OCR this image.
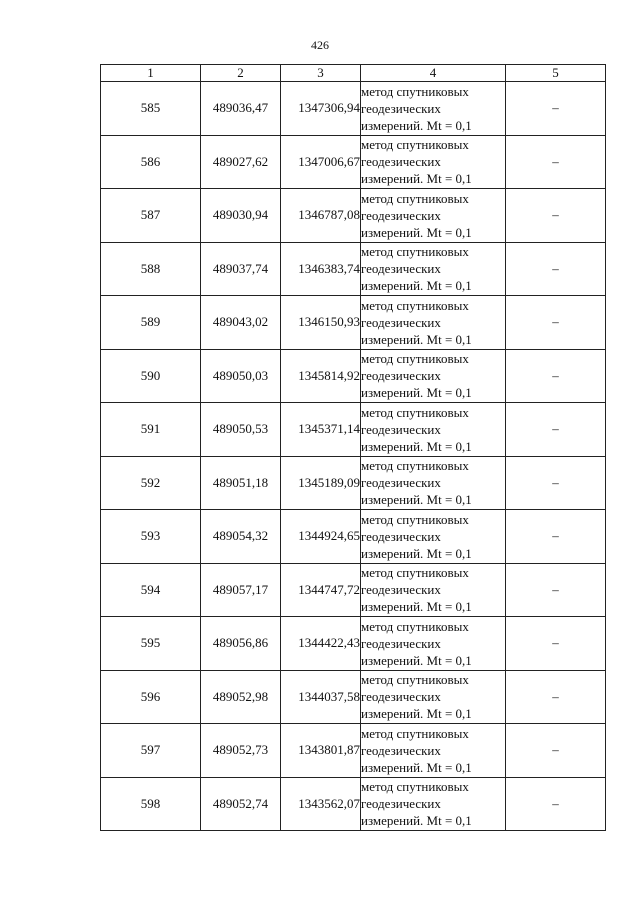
426
1	2	3	4	5
585	489036,47	1347306,94	метод спутниковых
геодезических
измерений. Mt = 0,1	–
586	489027,62	1347006,67	метод спутниковых
геодезических
измерений. Mt = 0,1	–
587	489030,94	1346787,08	метод спутниковых
геодезических
измерений. Mt = 0,1	–
588	489037,74	1346383,74	метод спутниковых
геодезических
измерений. Mt = 0,1	–
589	489043,02	1346150,93	метод спутниковых
геодезических
измерений. Mt = 0,1	–
590	489050,03	1345814,92	метод спутниковых
геодезических
измерений. Mt = 0,1	–
591	489050,53	1345371,14	метод спутниковых
геодезических
измерений. Mt = 0,1	–
592	489051,18	1345189,09	метод спутниковых
геодезических
измерений. Mt = 0,1	–
593	489054,32	1344924,65	метод спутниковых
геодезических
измерений. Mt = 0,1	–
594	489057,17	1344747,72	метод спутниковых
геодезических
измерений. Mt = 0,1	–
595	489056,86	1344422,43	метод спутниковых
геодезических
измерений. Mt = 0,1	–
596	489052,98	1344037,58	метод спутниковых
геодезических
измерений. Mt = 0,1	–
597	489052,73	1343801,87	метод спутниковых
геодезических
измерений. Mt = 0,1	–
598	489052,74	1343562,07	метод спутниковых
геодезических
измерений. Mt = 0,1	–
